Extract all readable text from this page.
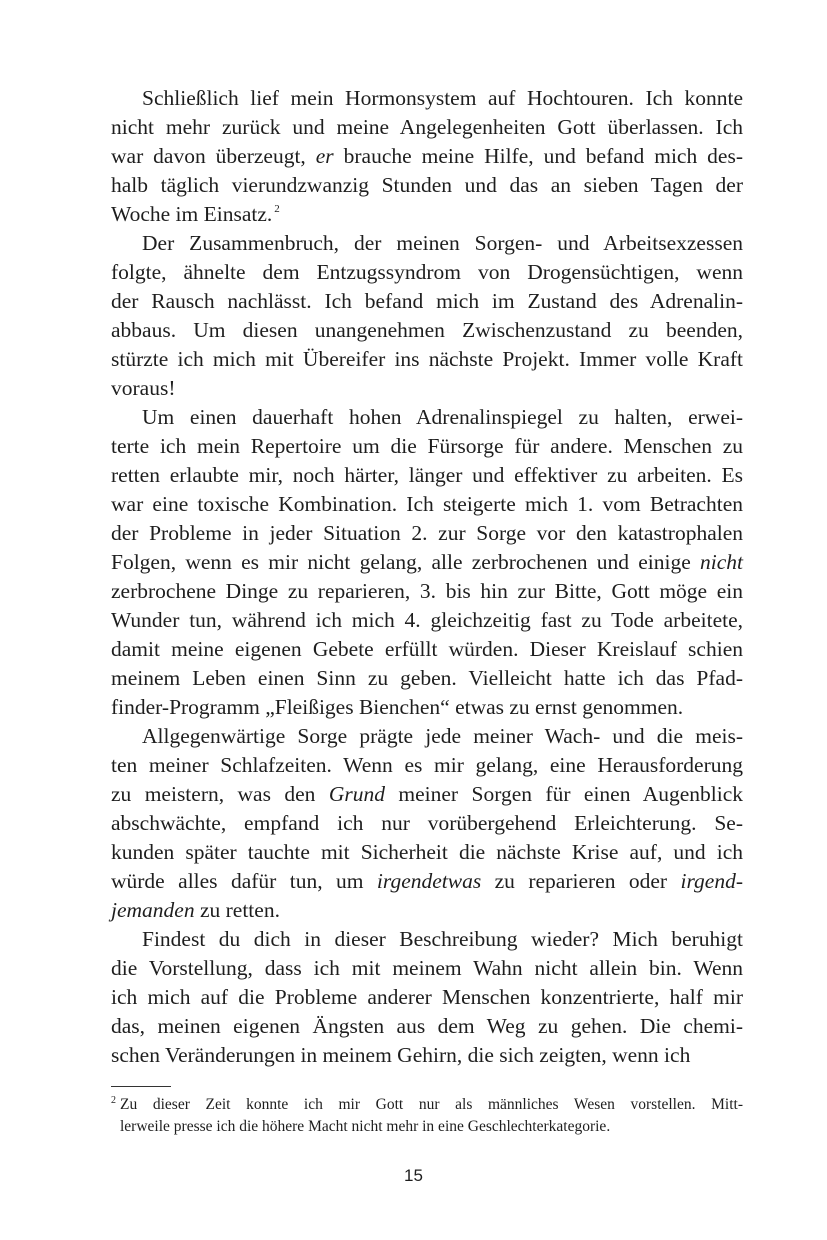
Schließlich lief mein Hormonsystem auf Hochtouren. Ich konnte
nicht mehr zurück und meine Angelegenheiten Gott überlassen. Ich
war davon überzeugt, er brauche meine Hilfe, und befand mich des-
halb täglich vierundzwanzig Stunden und das an sieben Tagen der
Woche im Einsatz. $^2$
Der Zusammenbruch, der meinen Sorgen- und Arbeitsexzessen
folgte, ähnelte dem Entzugssyndrom von Drogensüchtigen, wenn
der Rausch nachlässt. Ich befand mich im Zustand des Adrenalin-
abbaus. Um diesen unangenehmen Zwischenzustand zu beenden,
stürzte ich mich mit Übereifer ins nächste Projekt. Immer volle Kraft
voraus!
Um einen dauerhaft hohen Adrenalinspiegel zu halten, erwei-
terte ich mein Repertoire um die Fürsorge für andere. Menschen zu
retten erlaubte mir, noch härter, länger und effektiver zu arbeiten. Es
war eine toxische Kombination. Ich steigerte mich 1. vom Betrachten
der Probleme in jeder Situation 2. zur Sorge vor den katastrophalen
Folgen, wenn es mir nicht gelang, alle zerbrochenen und einige nicht
zerbrochene Dinge zu reparieren, 3. bis hin zur Bitte, Gott möge ein
Wunder tun, während ich mich 4. gleichzeitig fast zu Tode arbeitete,
damit meine eigenen Gebete erfüllt würden. Dieser Kreislauf schien
meinem Leben einen Sinn zu geben. Vielleicht hatte ich das Pfad-
finder-Programm „Fleißiges Bienchen“ etwas zu ernst genommen.
Allgegenwärtige Sorge prägte jede meiner Wach- und die meis-
ten meiner Schlafzeiten. Wenn es mir gelang, eine Herausforderung
zu meistern, was den Grund meiner Sorgen für einen Augenblick
abschwächte, empfand ich nur vorübergehend Erleichterung. Se-
kunden später tauchte mit Sicherheit die nächste Krise auf, und ich
würde alles dafür tun, um irgendetwas zu reparieren oder irgend-
jemanden zu retten.
Findest du dich in dieser Beschreibung wieder? Mich beruhigt
die Vorstellung, dass ich mit meinem Wahn nicht allein bin. Wenn
ich mich auf die Probleme anderer Menschen konzentrierte, half mir
das, meinen eigenen Ängsten aus dem Weg zu gehen. Die chemi-
schen Veränderungen in meinem Gehirn, die sich zeigten, wenn ich
$^2$ Zu dieser Zeit konnte ich mir Gott nur als männliches Wesen vorstellen. Mitt-
lerweile presse ich die höhere Macht nicht mehr in eine Geschlechterkategorie.
15
